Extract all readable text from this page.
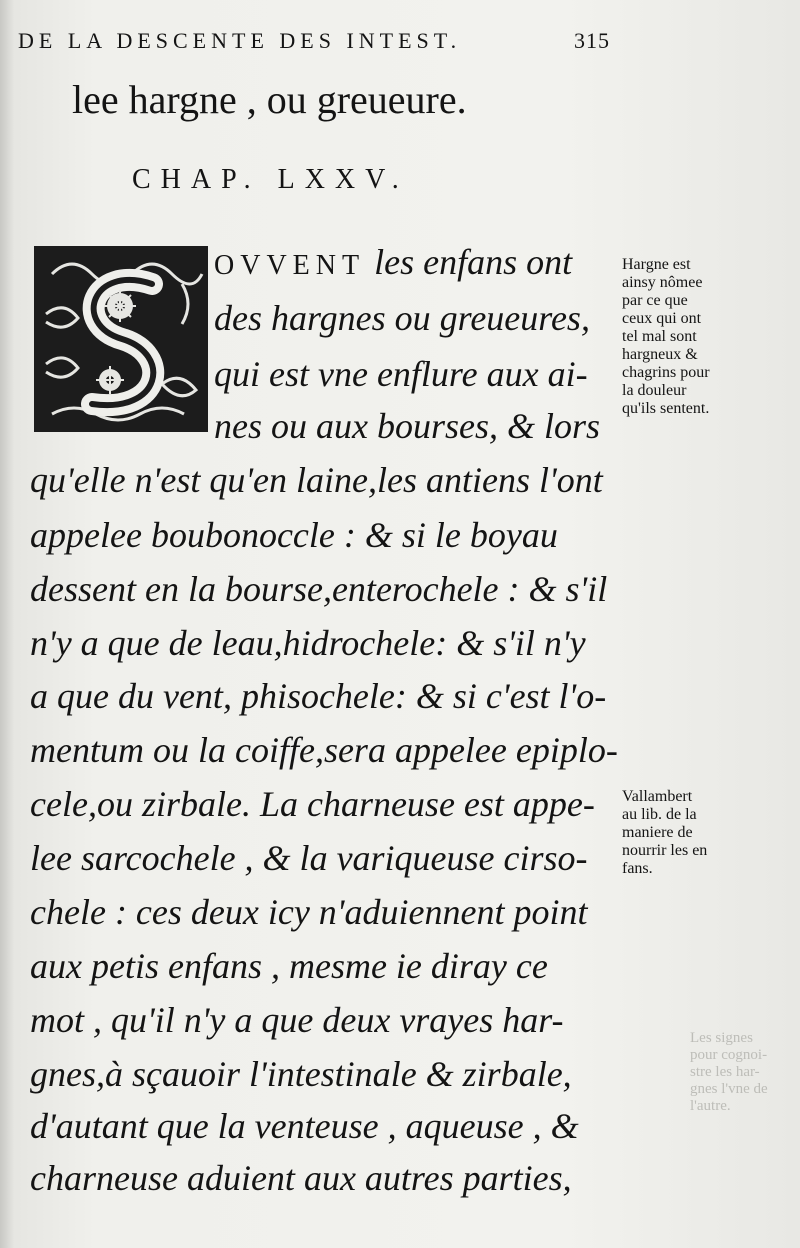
DE LA DESCENTE DES INTEST.	315
lee hargne , ou greueure.
CHAP. LXXV.
OVVENT les enfans ont
des hargnes ou greueures,
qui est vne enflure aux ai-
nes ou aux bourses, & lors
qu'elle n'est qu'en laine,les antiens l'ont
appelee boubonoccle : & si le boyau
dessent en la bourse,enterochele : & s'il
n'y a que de leau,hidrochele: & s'il n'y
a que du vent, phisochele: & si c'est l'o-
mentum ou la coiffe,sera appelee epiplo-
cele,ou zirbale. La charneuse est appe-
lee sarcochele , & la variqueuse cirso-
chele : ces deux icy n'aduiennent point
aux petis enfans , mesme ie diray ce
mot , qu'il n'y a que deux vrayes har-
gnes,à sçauoir l'intestinale & zirbale,
d'autant que la venteuse , aqueuse , &
charneuse aduient aux autres parties,
Hargne est
ainsy nômee
par ce que
ceux qui ont
tel mal sont
hargneux &
chagrins pour
la douleur
qu'ils sentent.
Vallambert
au lib. de la
maniere de
nourrir les en
fans.
Les signes
pour cognoi-
stre les har-
gnes l'vne de
l'autre.
